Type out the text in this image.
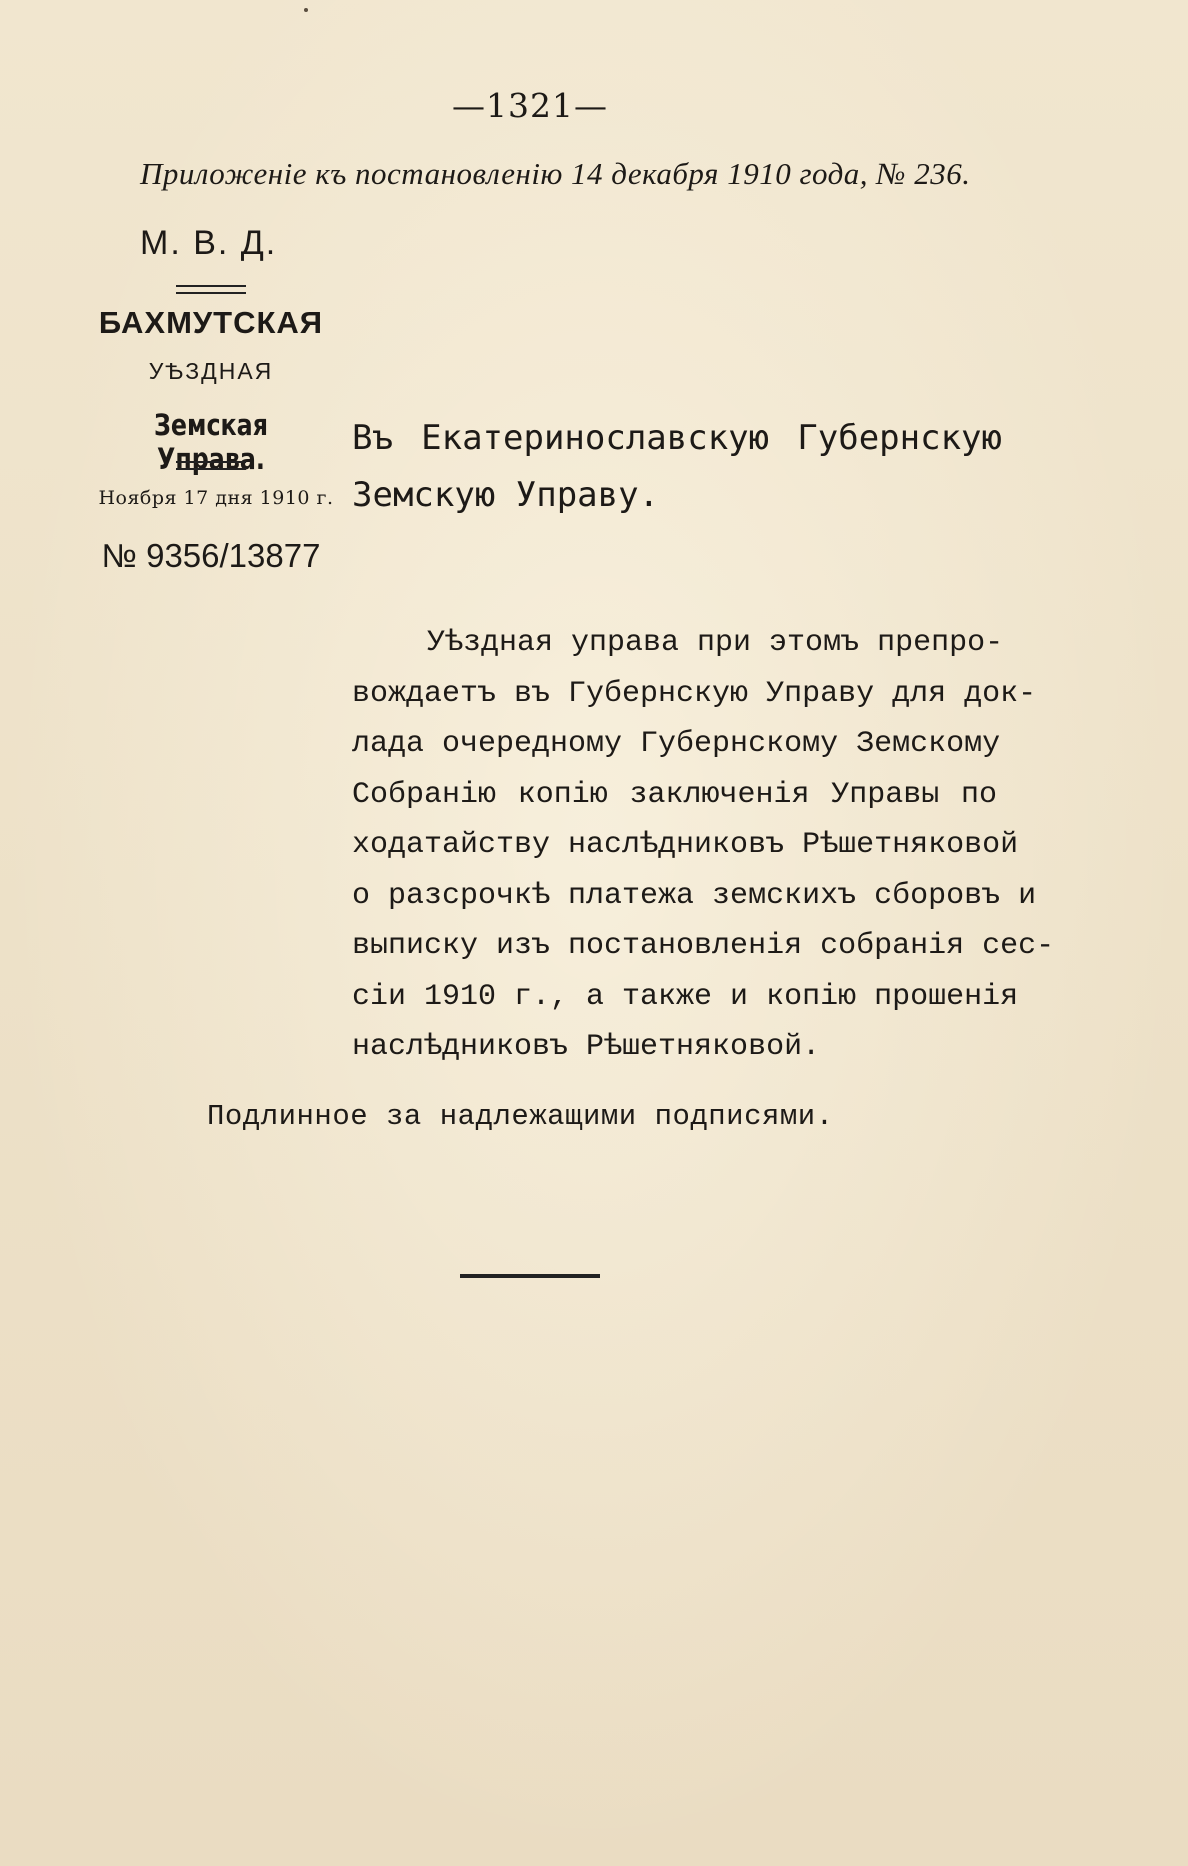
—1321—
Приложенiе къ постановленiю 14 декабря 1910 года, № 236.
М. В. Д.
БАХМУТСКАЯ
УѢЗДНАЯ
Земская Управа.
Ноября 17 дня 1910 г.
№ 9356/13877
Въ Екатеринославскую Губернскую Земскую Управу.
Уѣздная управа при этомъ препро-
вождаетъ въ Губернскую Управу для док-
лада очередному Губернскому Земскому
Собранiю копiю заключенiя Управы по
ходатайству наслѣдниковъ Рѣшетняковой
о разсрочкѣ платежа земскихъ сборовъ и
выписку изъ постановленiя собранiя сес-
сiи 1910 г., а также и копiю прошенiя
наслѣдниковъ Рѣшетняковой.
Подлинное за надлежащими подписями.
